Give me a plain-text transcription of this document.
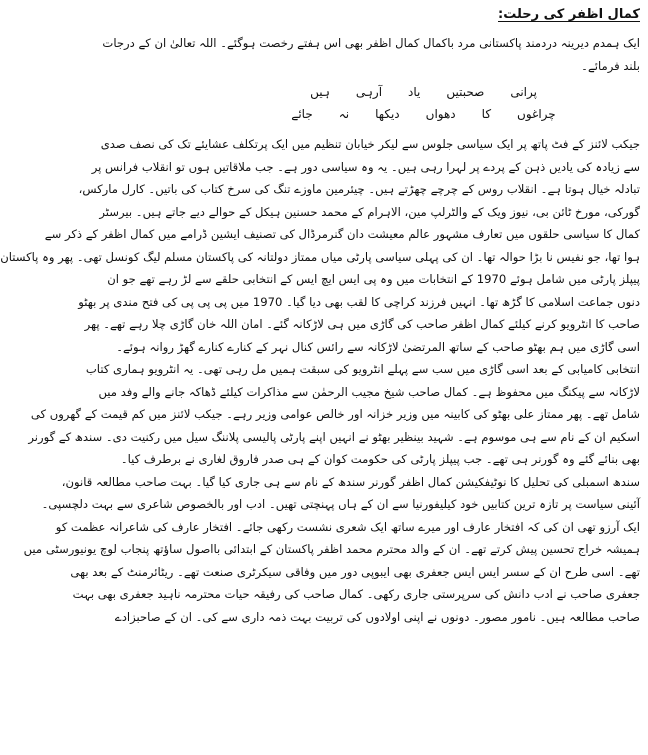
کمال اظفر کی رحلت:

ایک ہمدم دیرینہ دردمند پاکستانی مرد باکمال کمال اظفر بھی اس ہفتے رخصت ہوگئے۔ اللہ تعالیٰ ان کے درجات
بلند فرمائے۔

پرانی
صحبتیں
یاد
آرہی
ہیں
چراغوں
کا
دھواں
دیکھا
نہ
جائے

جیکب لائنز کے فٹ پاتھ پر ایک سیاسی جلوس سے لیکر خیابان تنظیم میں ایک پرتکلف عشایئے تک کی نصف صدی
سے زیادہ کی یادیں ذہن کے پردے پر لہرا رہی ہیں۔ یہ وہ سیاسی دور ہے۔ جب ملاقاتیں ہوں تو انقلاب فرانس پر
تبادلہ خیال ہوتا ہے۔ انقلاب روس کے چرچے چھڑتے ہیں۔ چیئرمین ماوزے تنگ کی سرخ کتاب کی باتیں۔ کارل مارکس،
گورکی، مورخ ٹائن بی، نیوز ویک کے والٹرلپ مین، الاہرام کے محمد حسنین ہیکل کے حوالے دیے جاتے ہیں۔ بیرسٹر
کمال کا سیاسی حلقوں میں تعارف مشہور عالم معیشت دان گنرمرڈال کی تصنیف ایشین ڈرامے میں کمال اظفر کے ذکر سے
ہوا تھا، جو نفیس نا بڑا حوالہ تھا۔ ان کی پہلی سیاسی پارٹی میاں ممتاز دولتانہ کی پاکستان مسلم لیگ کونسل تھی۔ پھر وہ پاکستان
پیپلز پارٹی میں شامل ہوئے 1970 کے انتخابات میں وہ پی ایس ایچ ایس کے انتخابی حلقے سے لڑ رہے تھے جو ان
دنوں جماعت اسلامی کا گڑھ تھا۔ انہیں فرزند کراچی کا لقب بھی دیا گیا۔ 1970 میں پی پی پی کی فتح مندی پر بھٹو
صاحب کا انٹرویو کرنے کیلئے کمال اظفر صاحب کی گاڑی میں ہی لاڑکانہ گئے۔ امان اللہ خان گاڑی چلا رہے تھے۔ پھر
اسی گاڑی میں ہم بھٹو صاحب کے ساتھ المرتضیٰ لاڑکانہ سے رائس کنال نہر کے کنارے کنارے گھڑ روانہ ہوئے۔
انتخابی کامیابی کے بعد اسی گاڑی میں سب سے پہلے انٹرویو کی سبقت ہمیں مل رہی تھی۔ یہ انٹرویو ہماری کتاب
لاڑکانہ سے پیکنگ میں محفوظ ہے۔ کمال صاحب شیخ مجیب الرحمٰن سے مذاکرات کیلئے ڈھاکہ جانے والے وفد میں
شامل تھے۔ پھر ممتاز علی بھٹو کی کابینہ میں وزیر خزانہ اور خالص عوامی وزیر رہے۔ جیکب لائنز میں کم قیمت کے گھروں کی
اسکیم ان کے نام سے ہی موسوم ہے۔ شہید بینظیر بھٹو نے انہیں اپنے پارٹی پالیسی پلاننگ سیل میں رکنیت دی۔ سندھ کے گورنر
بھی بنائے گئے وہ گورنر ہی تھے۔ جب پیپلز پارٹی کی حکومت کوان کے ہی صدر فاروق لغاری نے برطرف کیا۔
سندھ اسمبلی کی تحلیل کا نوٹیفکیشن کمال اظفر گورنر سندھ کے نام سے ہی جاری کیا گیا۔ بہت صاحب مطالعہ قانون،
آئینی سیاست پر تازہ ترین کتابیں خود کیلیفورنیا سے ان کے ہاں پہنچتی تھیں۔ ادب اور بالخصوص شاعری سے بہت دلچسپی۔
ایک آرزو تھی ان کی کہ افتخار عارف اور میرے ساتھ ایک شعری نشست رکھی جائے۔ افتخار عارف کی شاعرانہ عظمت کو
ہمیشہ خراج تحسین پیش کرتے تھے۔ ان کے والد محترم محمد اظفر پاکستان کے ابتدائی بااصول ساؤتھ پنجاب لوچ یونیورسٹی میں
تھے۔ اسی طرح ان کے سسر ایس ایس جعفری بھی ایبوپی دور میں وفاقی سیکرٹری صنعت تھے۔ ریٹائرمنٹ کے بعد بھی
جعفری صاحب نے ادب دانش کی سرپرستی جاری رکھی۔ کمال صاحب کی رفیقہ حیات محترمہ ناہید جعفری بھی بہت
صاحب مطالعہ ہیں۔ نامور مصور۔ دونوں نے اپنی اولادوں کی تربیت بہت ذمہ داری سے کی۔ ان کے صاحبزادے
